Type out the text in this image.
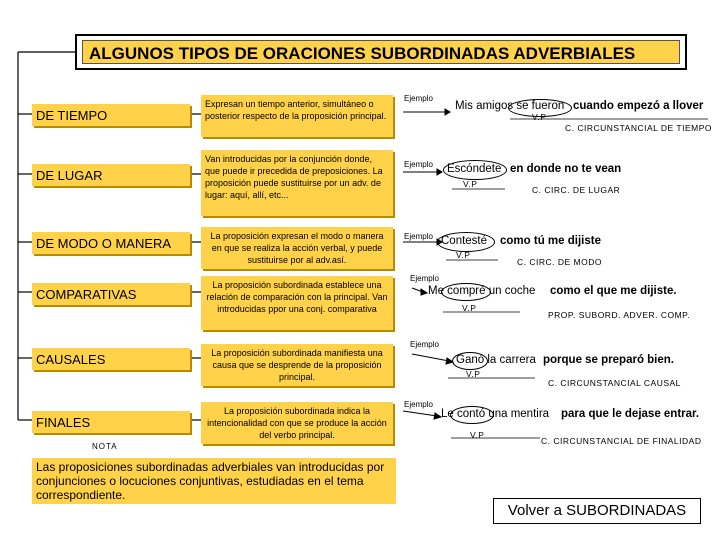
ALGUNOS TIPOS DE ORACIONES SUBORDINADAS ADVERBIALES
DE TIEMPO
DE LUGAR
DE MODO O MANERA
COMPARATIVAS
CAUSALES
FINALES
Expresan un tiempo anterior, simultáneo o posterior respecto de la proposición principal.
Van introducidas por la conjunción donde, que puede ir precedida de preposiciones. La proposición puede sustituirse por un adv. de lugar: aquí, allí, etc...
La proposición expresan el modo o manera en que se realiza la acción verbal, y puede sustituirse por al adv.así.
La proposición subordinada establece una relación de comparación con la principal. Van introducidas ppor una conj. comparativa
La proposición subordinada manifiesta una causa que se desprende de la proposición principal.
La proposición subordinada indica la intencionalidad con que se produce la acción del verbo principal.
Ejemplo
Ejemplo
Ejemplo
Ejemplo
Ejemplo
Ejemplo
Mis amigos se fueron cuando empezó a llover
V.P
C. CIRCUNSTANCIAL DE TIEMPO
Escóndete en donde no te vean
V.P
C. CIRC. DE LUGAR
Contesté como tú me dijiste
V.P
C. CIRC. DE MODO
Me compré un coche como el que me dijiste.
V.P
PROP. SUBORD. ADVER. COMP.
Ganó la carrera porque se preparó bien.
V.P
C. CIRCUNSTANCIAL CAUSAL
Le contó una mentira para que le dejase entrar.
V.P
C. CIRCUNSTANCIAL DE FINALIDAD
NOTA
Las proposiciones subordinadas adverbiales van introducidas por conjunciones o locuciones conjuntivas, estudiadas en el tema correspondiente.
Volver a SUBORDINADAS
